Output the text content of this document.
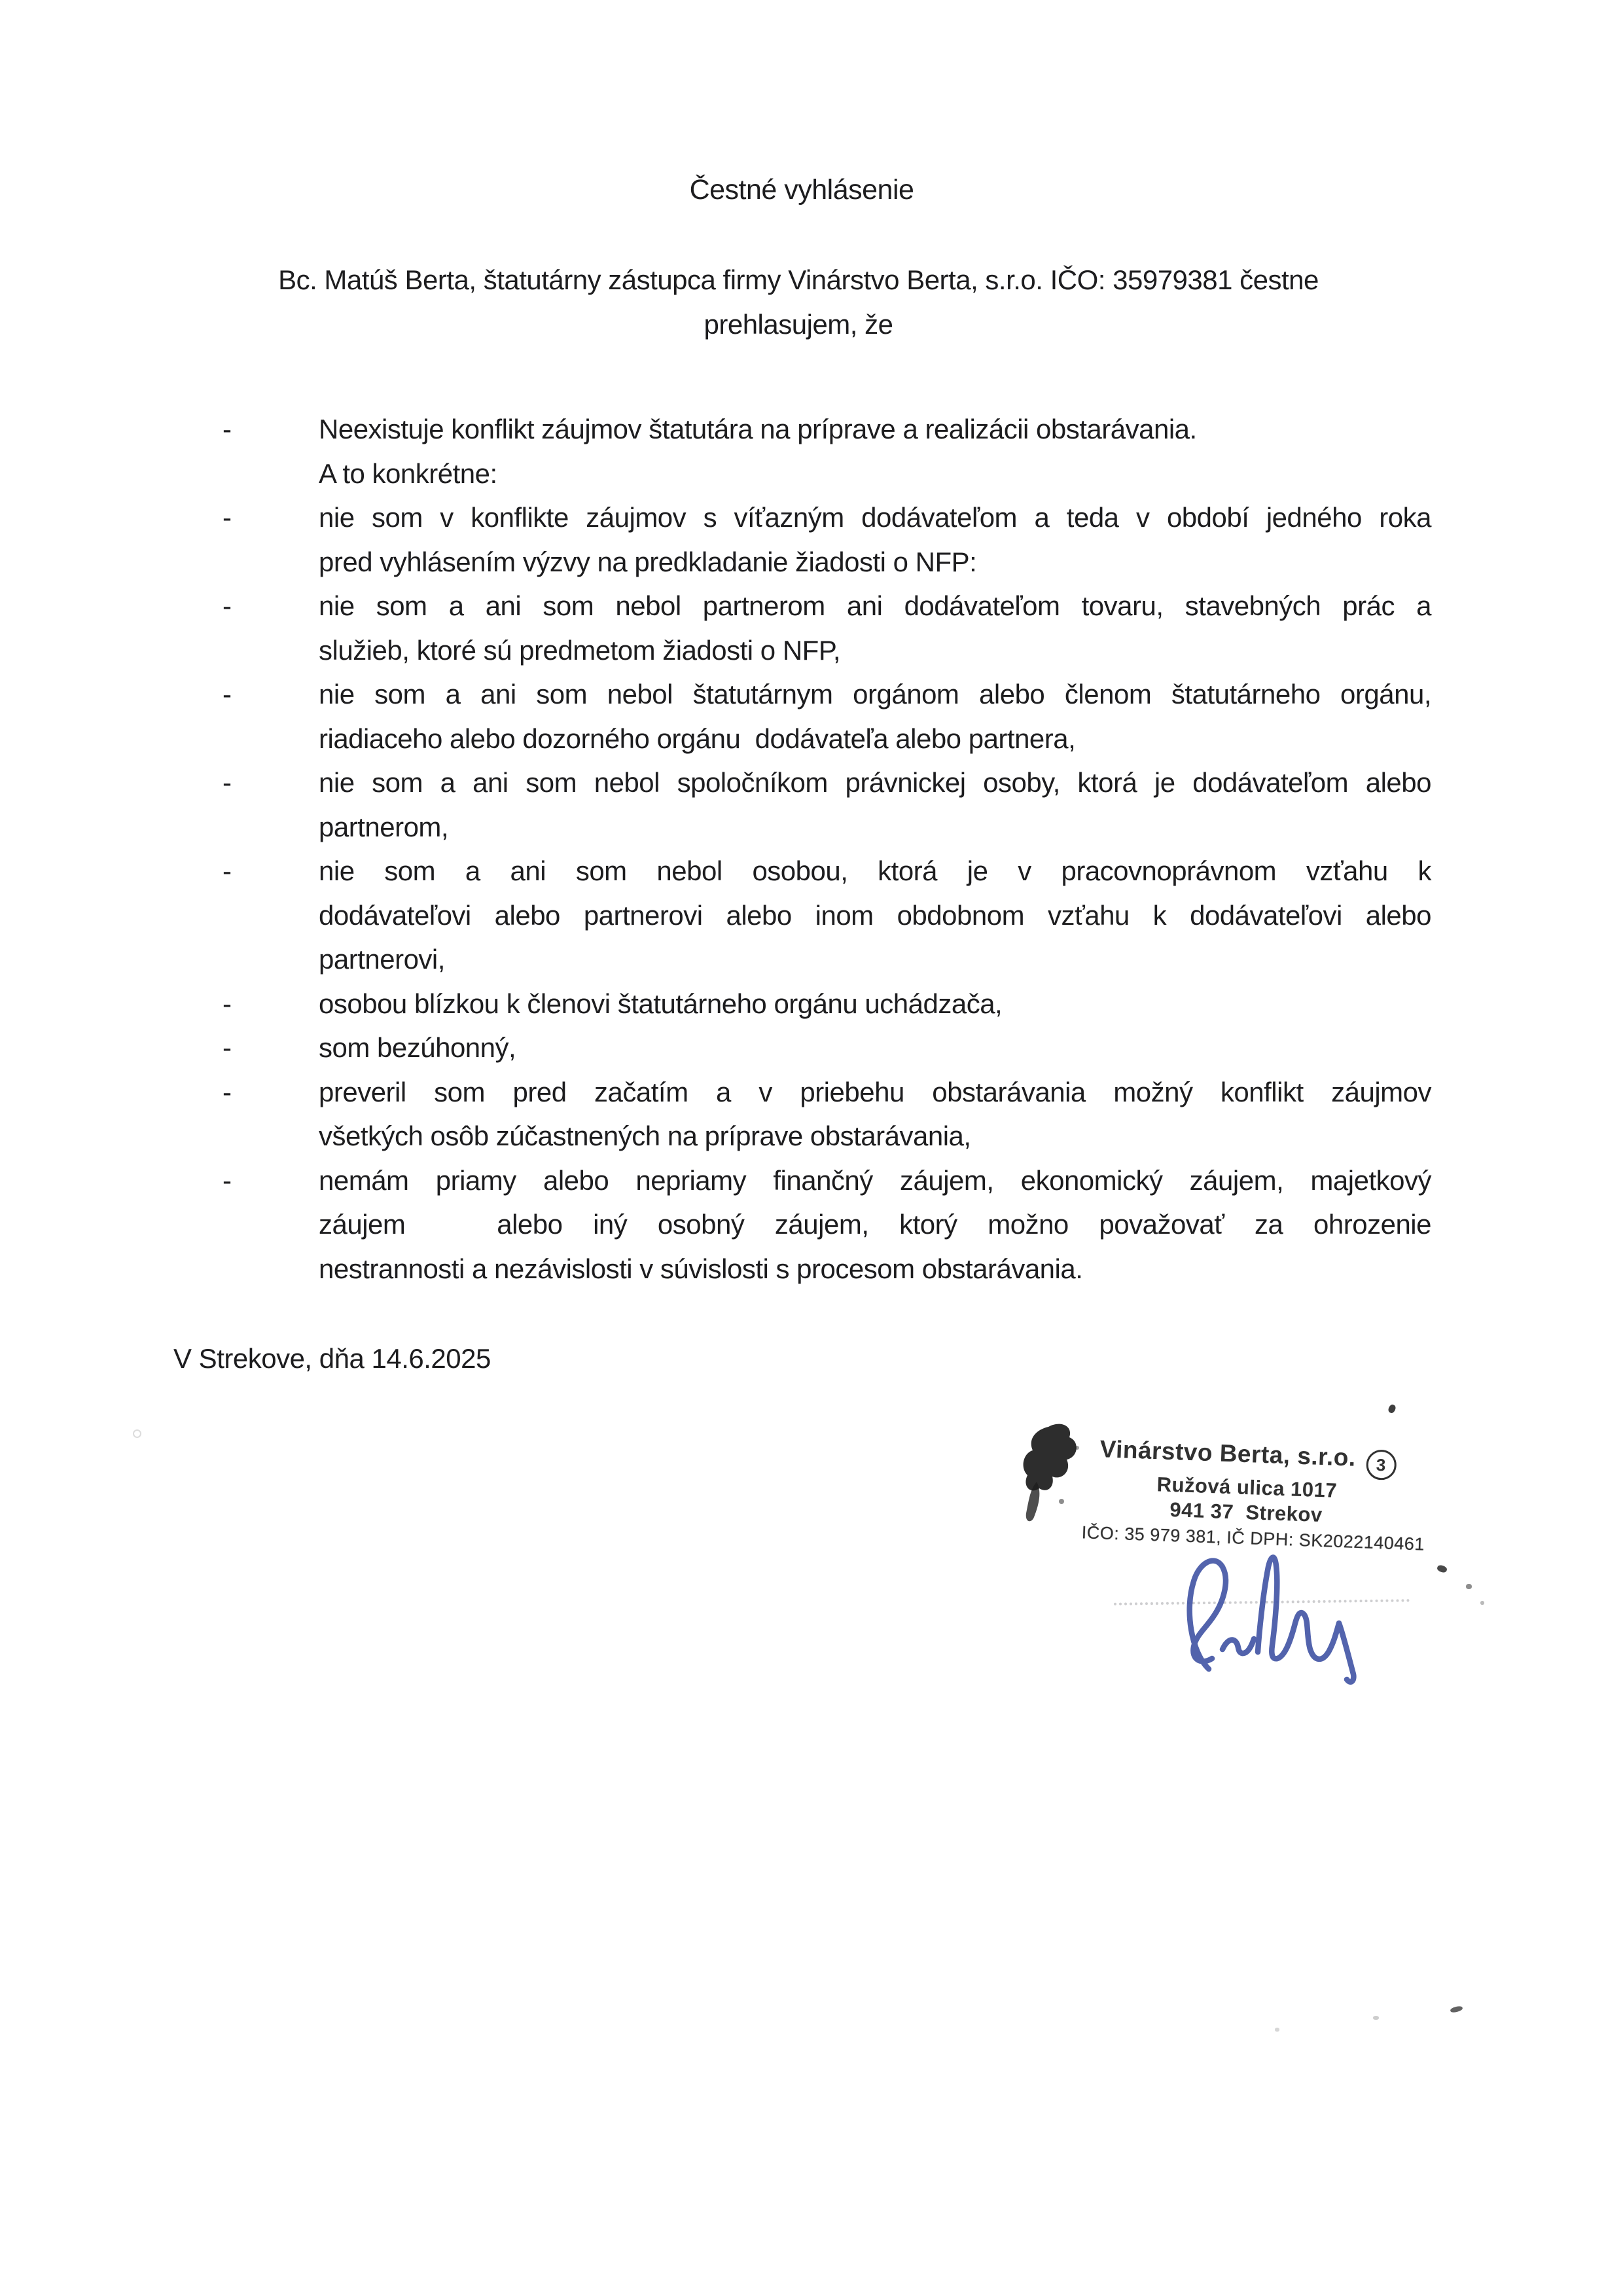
Čestné vyhlásenie
Bc. Matúš Berta, štatutárny zástupca firmy Vinárstvo Berta, s.r.o. IČO: 35979381 čestne
prehlasujem, že
-	Neexistuje konflikt záujmov štatutára na príprave a realizácii obstarávania.
A to konkrétne:
-	nie som v konflikte záujmov s víťazným dodávateľom a teda v období jedného roka
pred vyhlásením výzvy na predkladanie žiadosti o NFP:
-	nie som a ani som nebol partnerom ani dodávateľom tovaru, stavebných prác a
služieb, ktoré sú predmetom žiadosti o NFP,
-	nie som a ani som nebol štatutárnym orgánom alebo členom štatutárneho orgánu,
riadiaceho alebo dozorného orgánu  dodávateľa alebo partnera,
-	nie som a ani som nebol spoločníkom právnickej osoby, ktorá je dodávateľom alebo
partnerom,
-	nie som a ani som nebol osobou, ktorá je v pracovnoprávnom vzťahu k
dodávateľovi alebo partnerovi alebo inom obdobnom vzťahu k dodávateľovi alebo
partnerovi,
-	osobou blízkou k členovi štatutárneho orgánu uchádzača,
-	som bezúhonný,
-	preveril som pred začatím a v priebehu obstarávania možný konflikt záujmov
všetkých osôb zúčastnených na príprave obstarávania,
-	nemám priamy alebo nepriamy finančný záujem, ekonomický záujem, majetkový
záujem   alebo iný osobný záujem, ktorý možno považovať za ohrozenie
nestrannosti a nezávislosti v súvislosti s procesom obstarávania.
V Strekove, dňa 14.6.2025
Vinárstvo Berta, s.r.o. 3
Ružová ulica 1017
941 37  Strekov
IČO: 35 979 381, IČ DPH: SK2022140461
